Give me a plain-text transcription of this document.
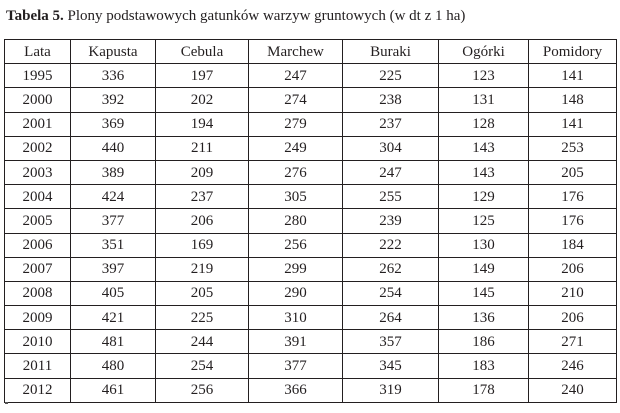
Tabela 5. Plony podstawowych gatunków warzyw gruntowych (w dt z 1 ha)
Lata	Kapusta	Cebula	Marchew	Buraki	Ogórki	Pomidory
1995	336	197	247	225	123	141
2000	392	202	274	238	131	148
2001	369	194	279	237	128	141
2002	440	211	249	304	143	253
2003	389	209	276	247	143	205
2004	424	237	305	255	129	176
2005	377	206	280	239	125	176
2006	351	169	256	222	130	184
2007	397	219	299	262	149	206
2008	405	205	290	254	145	210
2009	421	225	310	264	136	206
2010	481	244	391	357	186	271
2011	480	254	377	345	183	246
2012	461	256	366	319	178	240
